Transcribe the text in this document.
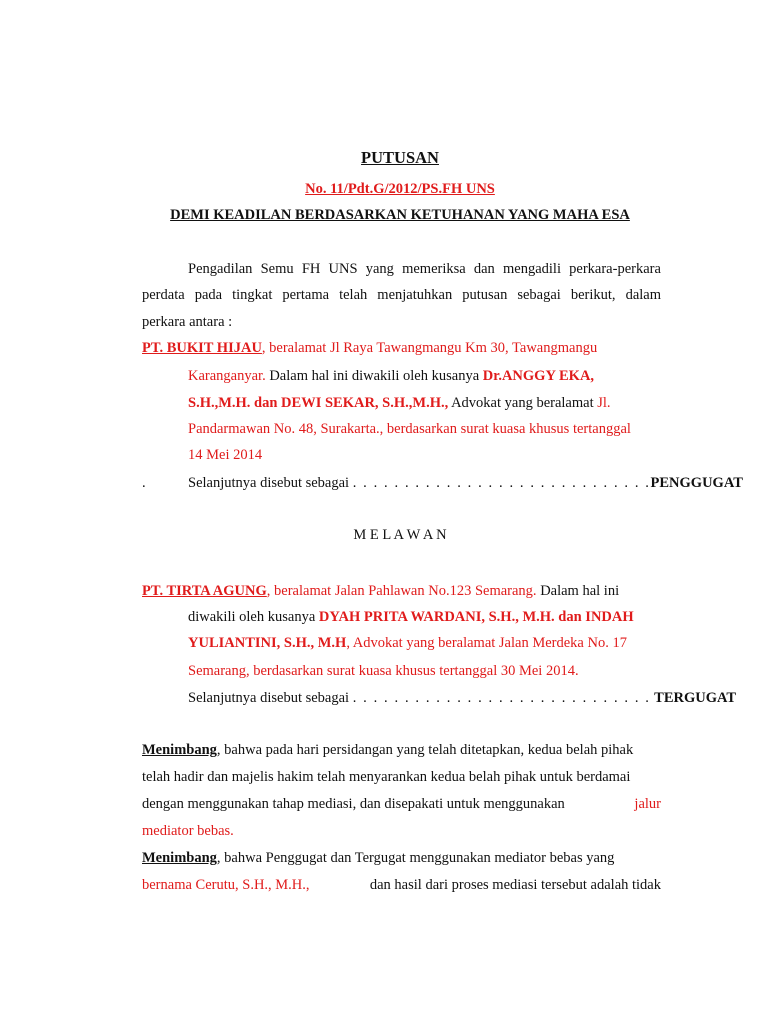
PUTUSAN
No. 11/Pdt.G/2012/PS.FH UNS
DEMI KEADILAN BERDASARKAN KETUHANAN YANG MAHA ESA
Pengadilan Semu FH UNS yang memeriksa dan mengadili perkara-perkara
perdata pada tingkat pertama telah menjatuhkan putusan sebagai berikut, dalam
perkara antara :
PT. BUKIT HIJAU, beralamat Jl Raya Tawangmangu Km 30, Tawangmangu
Karanganyar. Dalam hal ini diwakili oleh kusanya Dr.ANGGY EKA,
S.H.,M.H. dan DEWI SEKAR, S.H.,M.H., Advokat yang beralamat Jl.
Pandarmawan No. 48, Surakarta., berdasarkan surat kuasa khusus tertanggal
14 Mei 2014
.	Selanjutnya disebut sebagai . . . . . . . . . . . . . . . . . . . . . . . . . . . . .PENGGUGAT
M E L A W A N
PT. TIRTA AGUNG, beralamat Jalan Pahlawan No.123 Semarang. Dalam hal ini
diwakili oleh kusanya DYAH PRITA WARDANI, S.H., M.H. dan INDAH
YULIANTINI, S.H., M.H, Advokat yang beralamat Jalan Merdeka No. 17
Semarang, berdasarkan surat kuasa khusus tertanggal 30 Mei 2014.
Selanjutnya disebut sebagai . . . . . . . . . . . . . . . . . . . . . . . . . . . . . TERGUGAT
Menimbang, bahwa pada hari persidangan yang telah ditetapkan, kedua belah pihak
telah hadir dan majelis hakim telah menyarankan kedua belah pihak untuk berdamai
dengan menggunakan tahap mediasi, dan disepakati untuk menggunakan	jalur
mediator bebas.
Menimbang, bahwa Penggugat dan Tergugat menggunakan mediator bebas yang
bernama Cerutu, S.H., M.H.,	dan hasil dari proses mediasi tersebut adalah tidak
